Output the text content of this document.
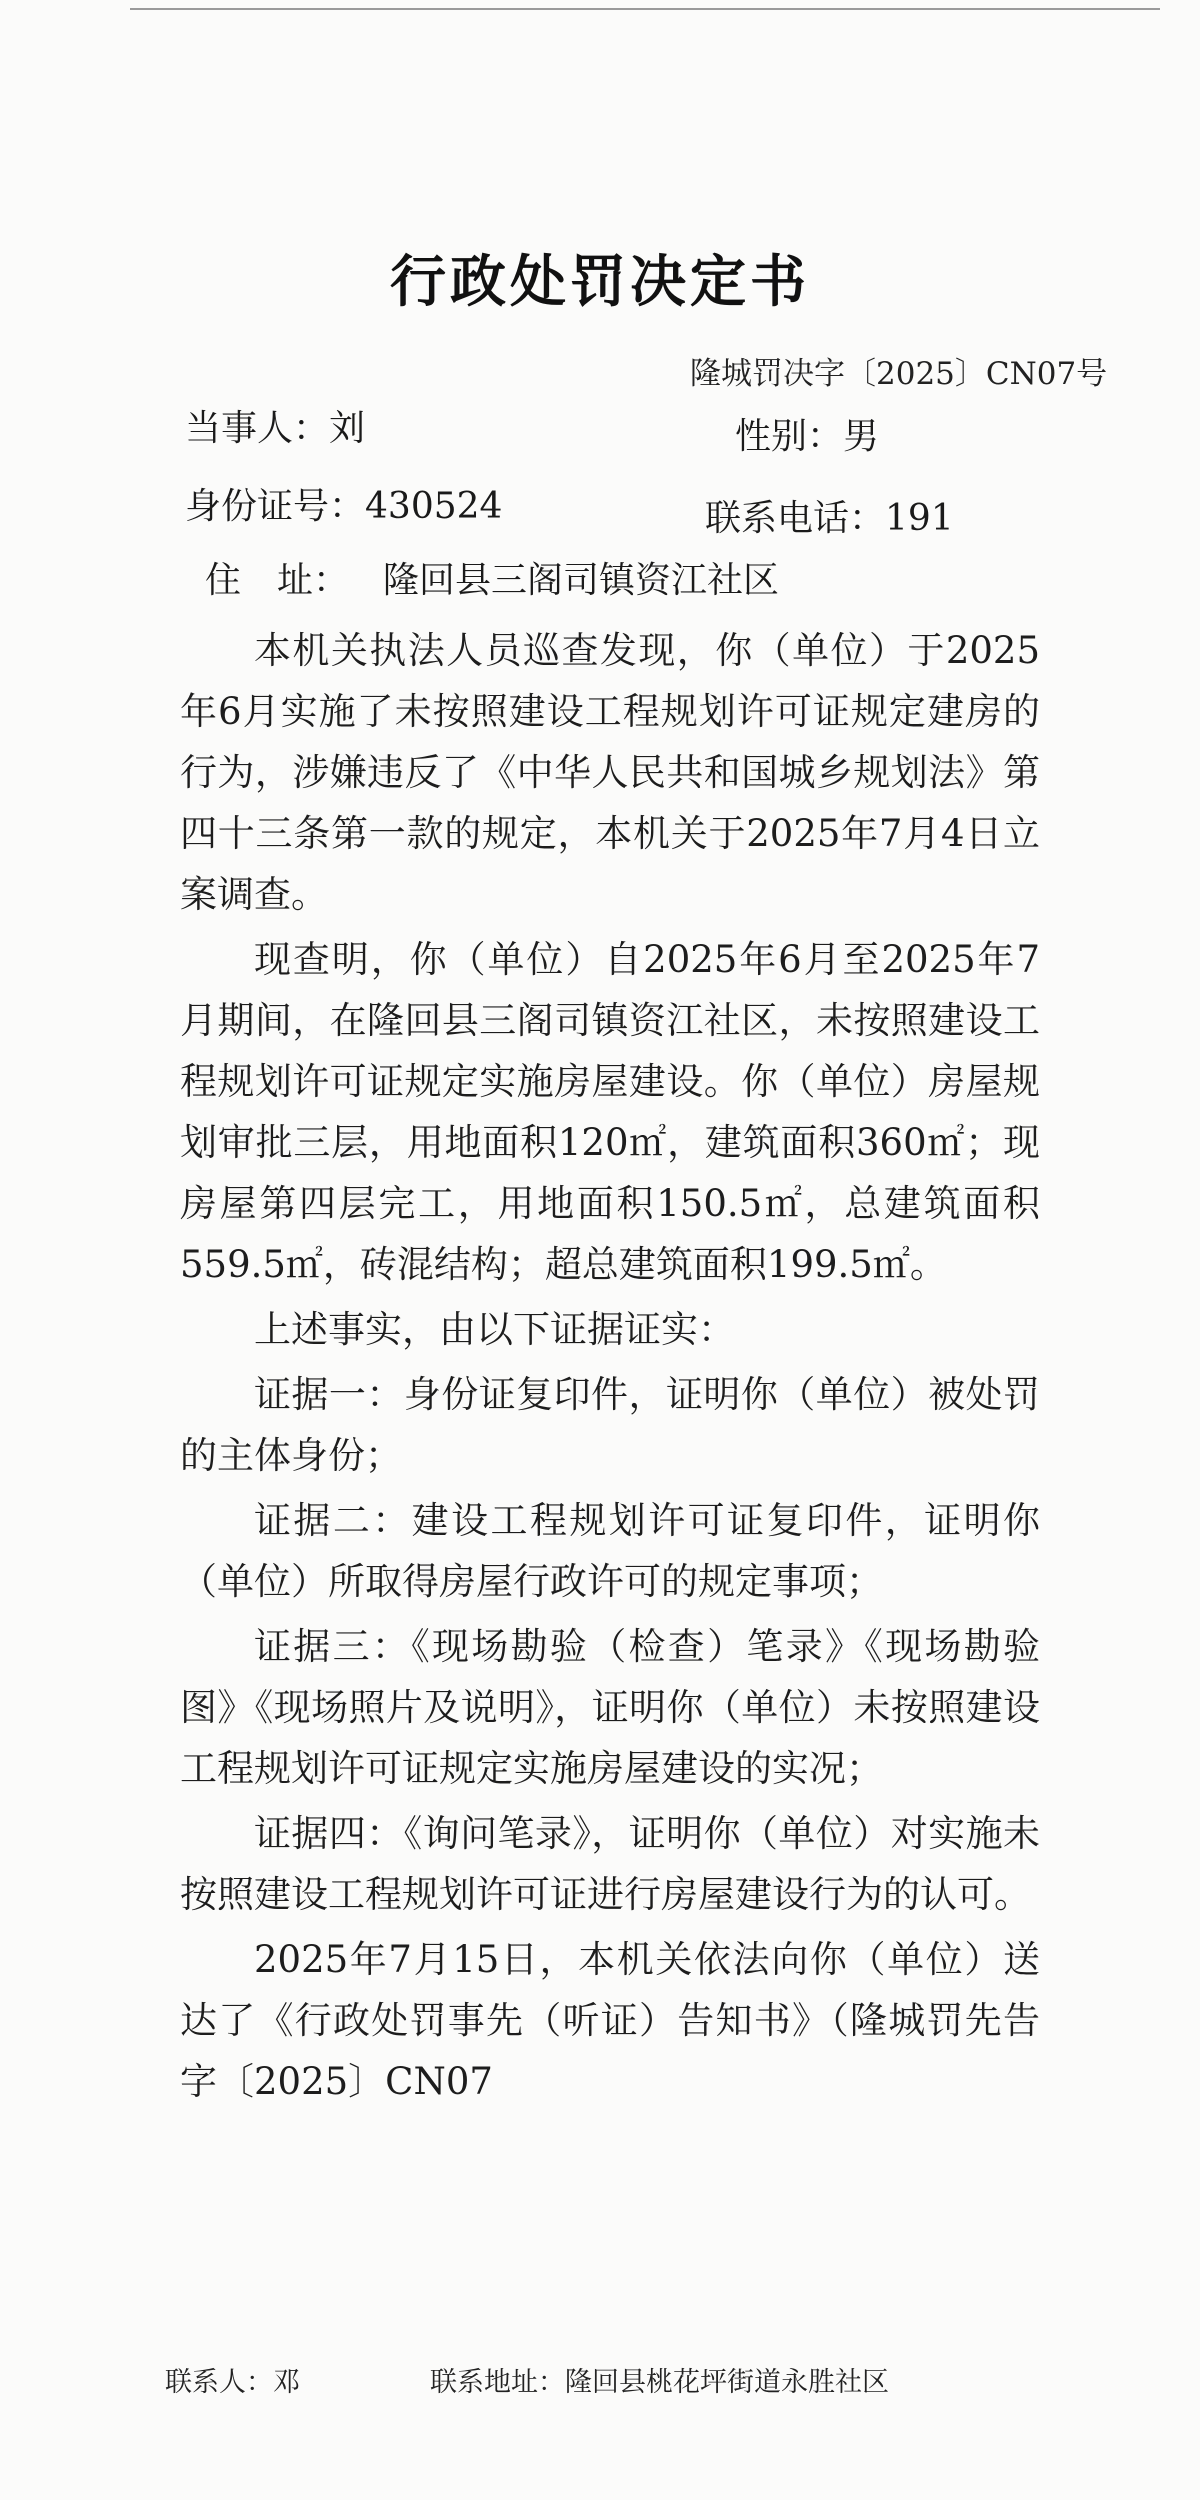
行政处罚决定书
隆城罚决字〔2025〕CN07号
当事人：刘	性别：男
身份证号：430524	联系电话：191
住　址： 隆回县三阁司镇资江社区

本机关执法人员巡查发现，你（单位）于2025年6月实施了未按照建设工程规划许可证规定建房的行为，涉嫌违反了《中华人民共和国城乡规划法》第四十三条第一款的规定，本机关于2025年7月4日立案调查。

现查明，你（单位）自2025年6月至2025年7月期间，在隆回县三阁司镇资江社区，未按照建设工程规划许可证规定实施房屋建设。你（单位）房屋规划审批三层，用地面积120㎡，建筑面积360㎡；现房屋第四层完工，用地面积150.5㎡，总建筑面积559.5㎡，砖混结构；超总建筑面积199.5㎡。

上述事实，由以下证据证实：

证据一：身份证复印件，证明你（单位）被处罚的主体身份；

证据二：建设工程规划许可证复印件，证明你（单位）所取得房屋行政许可的规定事项；

证据三：《现场勘验（检查）笔录》《现场勘验图》《现场照片及说明》，证明你（单位）未按照建设工程规划许可证规定实施房屋建设的实况；

证据四：《询问笔录》，证明你（单位）对实施未按照建设工程规划许可证进行房屋建设行为的认可。

2025年7月15日，本机关依法向你（单位）送达了《行政处罚事先（听证）告知书》（隆城罚先告字〔2025〕CN07

联系人：邓	联系地址：隆回县桃花坪街道永胜社区
